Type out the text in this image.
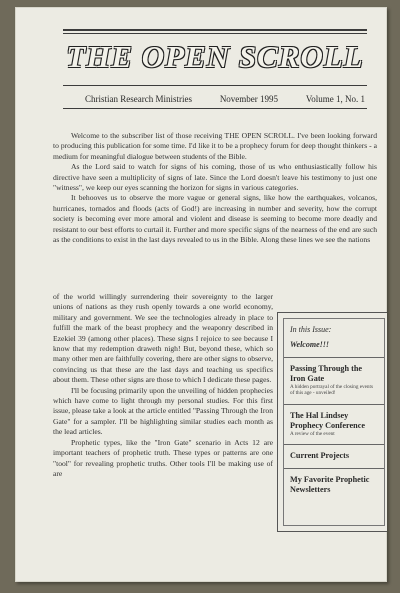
THE OPEN SCROLL
Christian Research Ministries	November 1995	Volume 1, No. 1

Welcome to the subscriber list of those receiving THE OPEN SCROLL. I've been looking forward to producing this publication for some time. I'd like it to be a prophecy forum for deep thought thinkers - a medium for meaningful dialogue between students of the Bible.

As the Lord said to watch for signs of his coming, those of us who enthusiastically follow his directive have seen a multiplicity of signs of late. Since the Lord doesn't leave his testimony to just one "witness", we keep our eyes scanning the horizon for signs in various categories.

It behooves us to observe the more vague or general signs, like how the earthquakes, volcanos, hurricanes, tornados and floods (acts of God!) are increasing in number and severity, how the corrupt society is becoming ever more amoral and violent and disease is seeming to become more deadly and resistant to our best efforts to curtail it. Further and more specific signs of the nearness of the end are such as the conditions to exist in the last days revealed to us in the Bible. Along these lines we see the nations

of the world willingly surrendering their sovereignty to the larger unions of nations as they rush openly towards a one world economy, military and government. We see the technologies already in place to fulfill the mark of the beast prophecy and the weaponry described in Ezekiel 39 (among other places). These signs I rejoice to see because I know that my redemption draweth nigh! But, beyond these, which so many other men are faithfully covering, there are other signs to observe, convincing us that these are the last days and teaching us specifics about them. These other signs are those to which I dedicate these pages.

I'll be focusing primarily upon the unveiling of hidden prophecies which have come to light through my personal studies. For this first issue, please take a look at the article entitled "Passing Through the Iron Gate" for a sampler. I'll be highlighting similar studies each month as the lead articles.

Prophetic types, like the "Iron Gate" scenario in Acts 12 are important teachers of prophetic truth. These types or patterns are one "tool" for revealing prophetic truths. Other tools I'll be making use of are

In this Issue:
Welcome!!!
Passing Through the Iron Gate
A hidden portrayal of the closing events of this age - unveiled!
The Hal Lindsey Prophecy Conference
A review of the event
Current Projects
My Favorite Prophetic Newsletters
